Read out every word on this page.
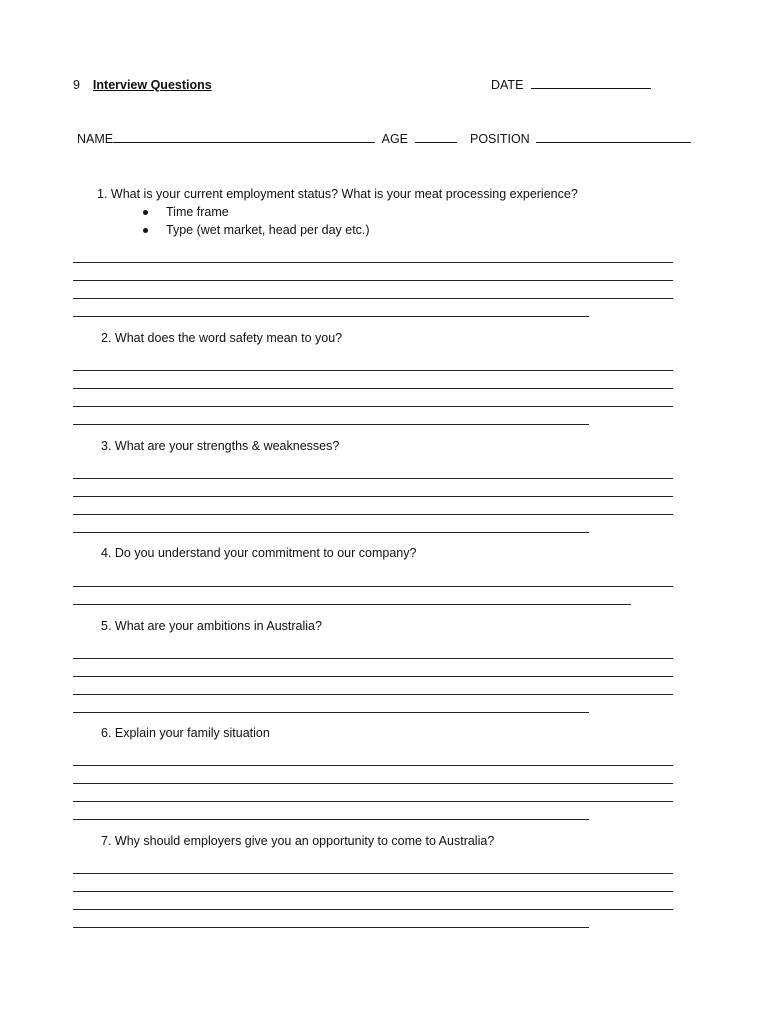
9 Interview Questions	DATE
NAME	AGE	POSITION
1. What is your current employment status? What is your meat processing experience?
Time frame
Type (wet market, head per day etc.)
2. What does the word safety mean to you?
3. What are your strengths & weaknesses?
4. Do you understand your commitment to our company?
5. What are your ambitions in Australia?
6. Explain your family situation
7. Why should employers give you an opportunity to come to Australia?
